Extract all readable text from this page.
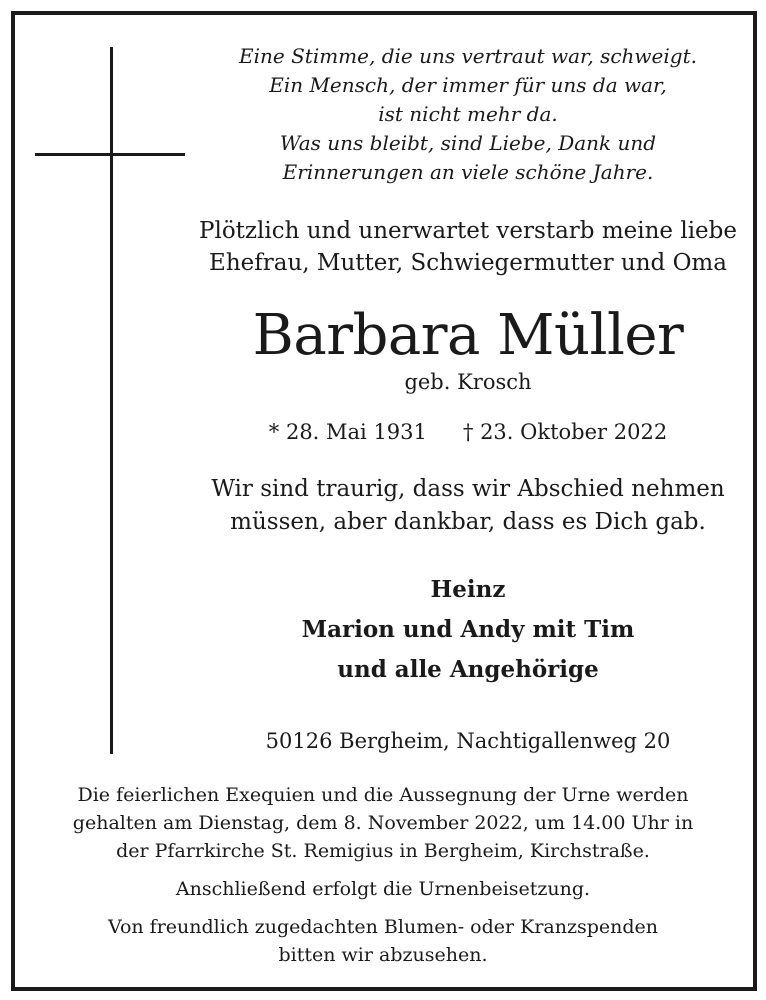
Eine Stimme, die uns vertraut war, schweigt.
Ein Mensch, der immer für uns da war,
ist nicht mehr da.
Was uns bleibt, sind Liebe, Dank und
Erinnerungen an viele schöne Jahre.
Plötzlich und unerwartet verstarb meine liebe
Ehefrau, Mutter, Schwiegermutter und Oma
Barbara Müller
geb. Krosch
* 28. Mai 1931 † 23. Oktober 2022
Wir sind traurig, dass wir Abschied nehmen
müssen, aber dankbar, dass es Dich gab.
Heinz
Marion und Andy mit Tim
und alle Angehörige
50126 Bergheim, Nachtigallenweg 20
Die feierlichen Exequien und die Aussegnung der Urne werden
gehalten am Dienstag, dem 8. November 2022, um 14.00 Uhr in
der Pfarrkirche St. Remigius in Bergheim, Kirchstraße.
Anschließend erfolgt die Urnenbeisetzung.
Von freundlich zugedachten Blumen- oder Kranzspenden
bitten wir abzusehen.
